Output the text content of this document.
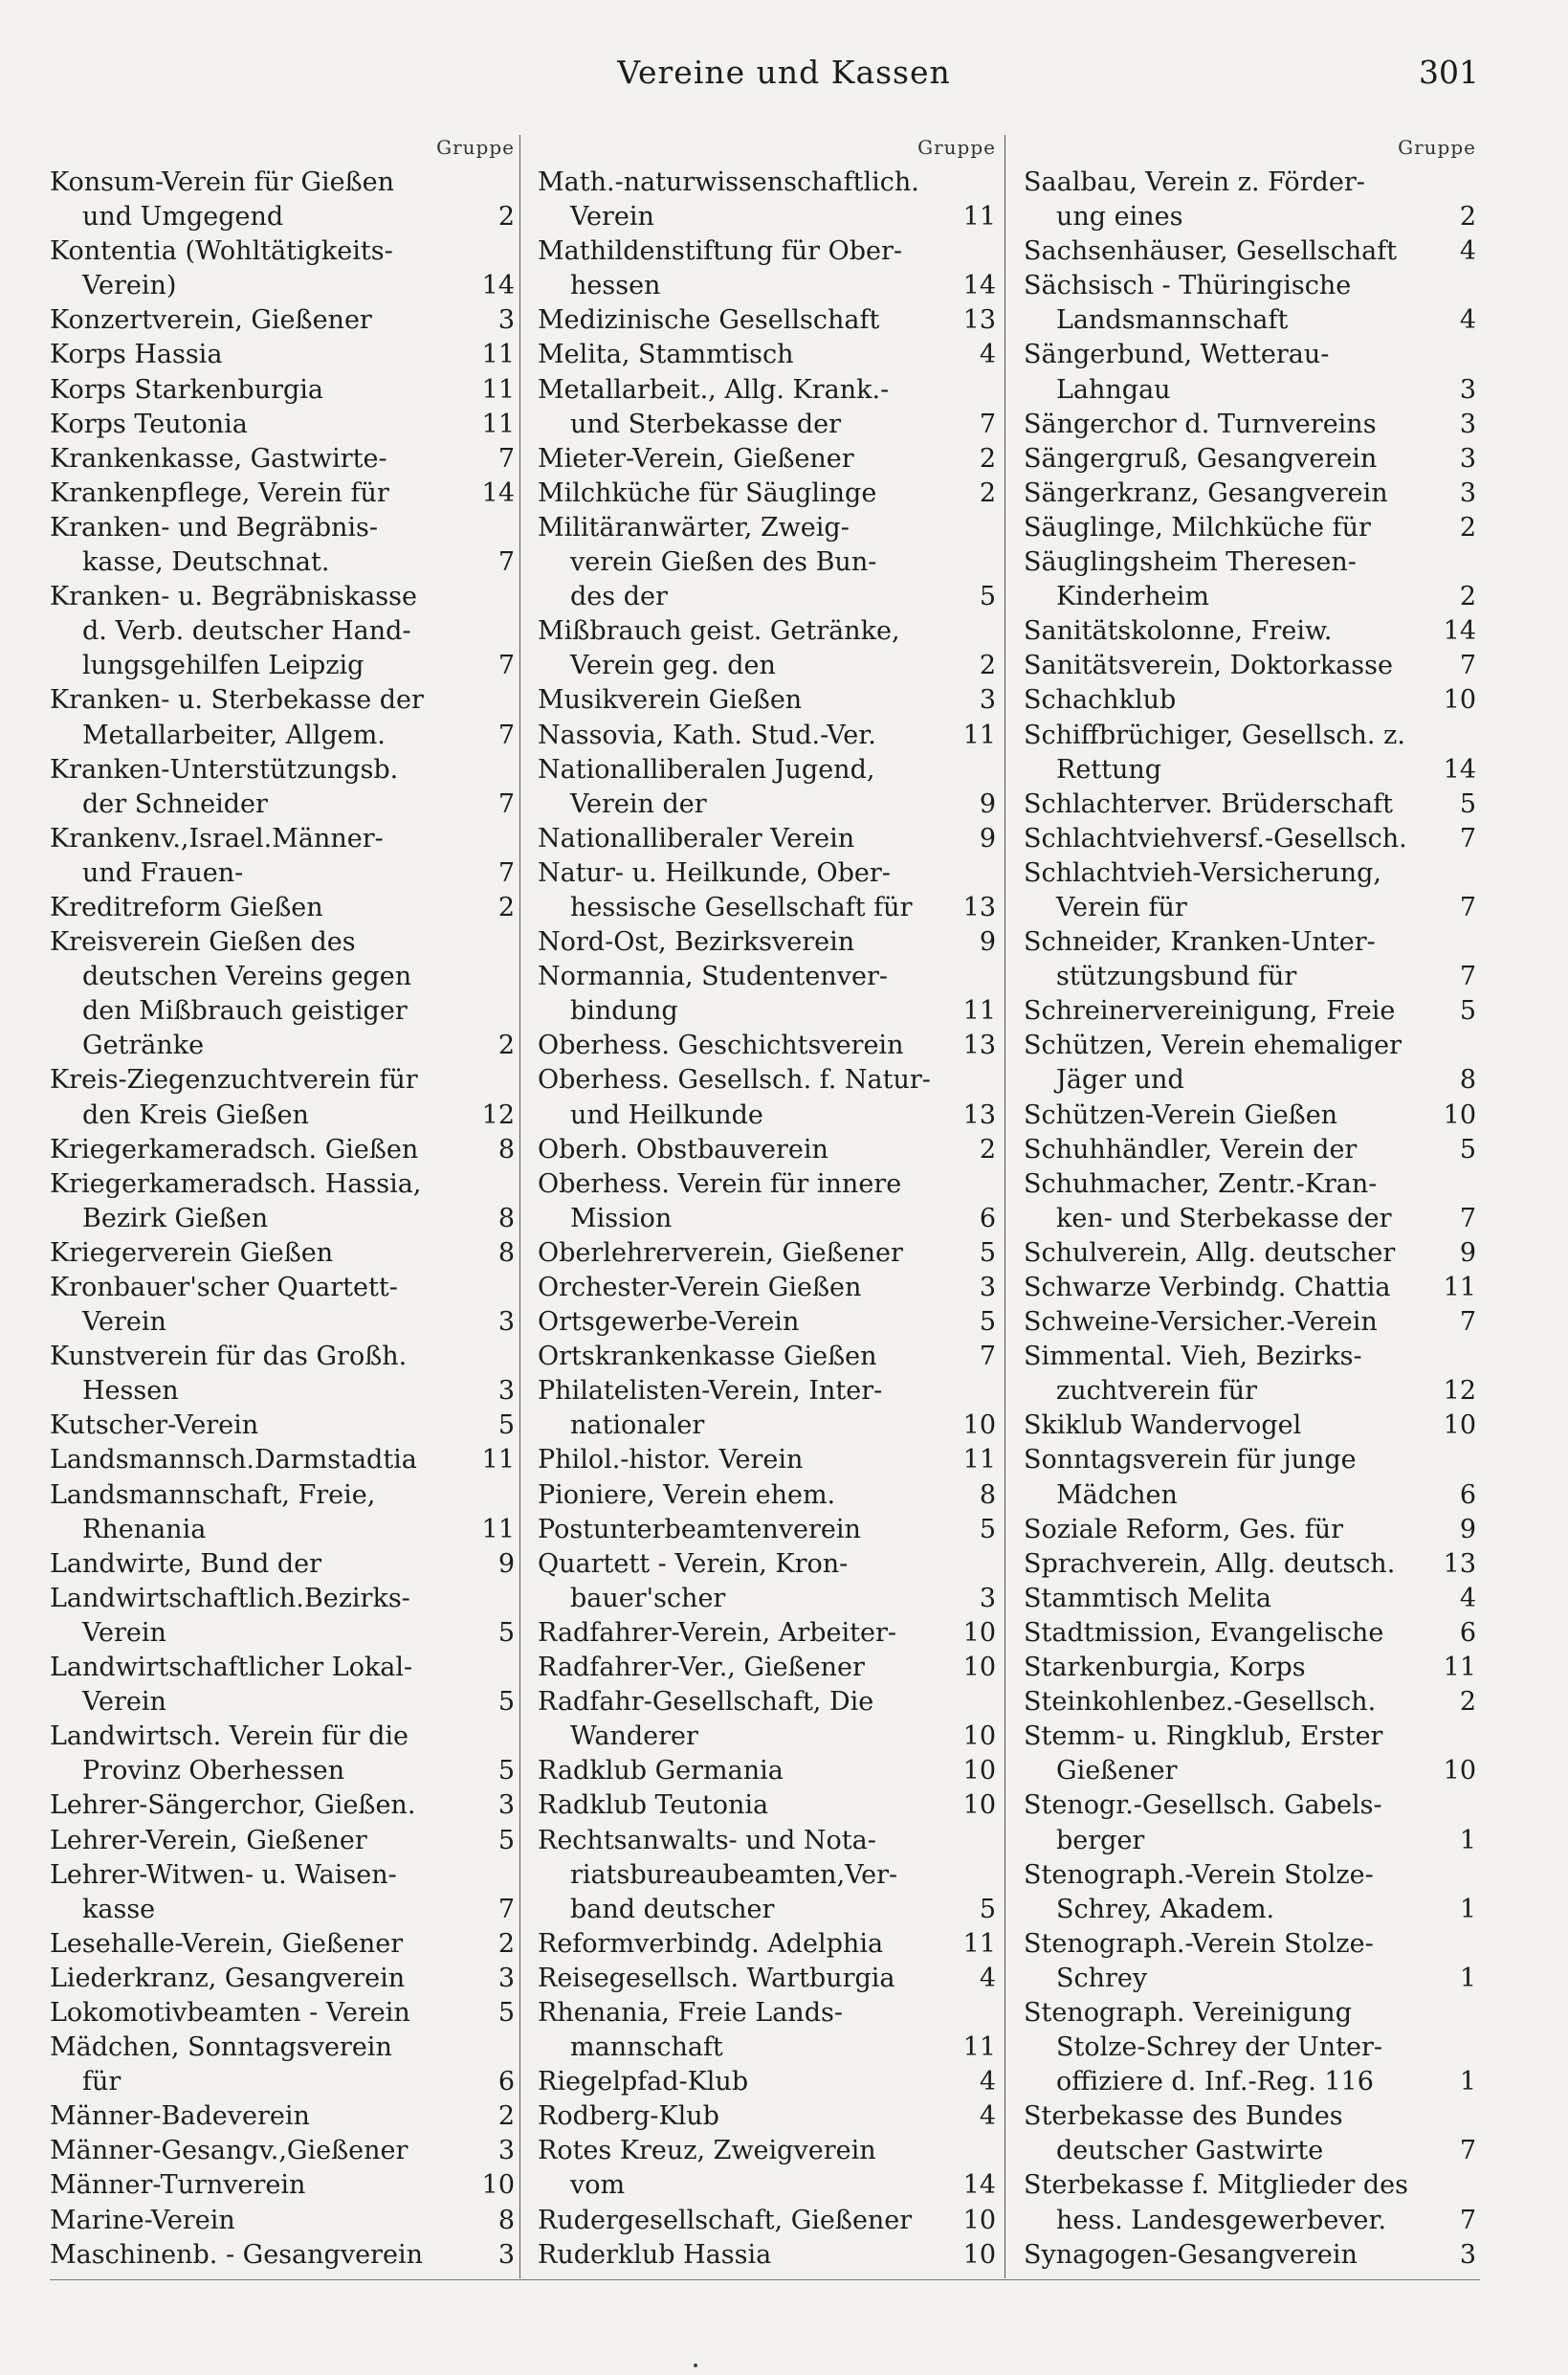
Vereine und Kassen	301
Gruppe
Konsum-Verein für Gießen
und Umgegend	2
Kontentia (Wohltätigkeits-
Verein)	14
Konzertverein, Gießener	3
Korps Hassia	11
Korps Starkenburgia	11
Korps Teutonia	11
Krankenkasse, Gastwirte-	7
Krankenpflege, Verein für	14
Kranken- und Begräbnis-
kasse, Deutschnat.	7
Kranken- u. Begräbniskasse
d. Verb. deutscher Hand-
lungsgehilfen Leipzig	7
Kranken- u. Sterbekasse der
Metallarbeiter, Allgem.	7
Kranken-Unterstützungsb.
der Schneider	7
Krankenv.,Israel.Männer-
und Frauen-	7
Kreditreform Gießen	2
Kreisverein Gießen des
deutschen Vereins gegen
den Mißbrauch geistiger
Getränke	2
Kreis-Ziegenzuchtverein für
den Kreis Gießen	12
Kriegerkameradsch. Gießen	8
Kriegerkameradsch. Hassia,
Bezirk Gießen	8
Kriegerverein Gießen	8
Kronbauer'scher Quartett-
Verein	3
Kunstverein für das Großh.
Hessen	3
Kutscher-Verein	5
Landsmannsch.Darmstadtia	11
Landsmannschaft, Freie,
Rhenania	11
Landwirte, Bund der	9
Landwirtschaftlich.Bezirks-
Verein	5
Landwirtschaftlicher Lokal-
Verein	5
Landwirtsch. Verein für die
Provinz Oberhessen	5
Lehrer-Sängerchor, Gießen.	3
Lehrer-Verein, Gießener	5
Lehrer-Witwen- u. Waisen-
kasse	7
Lesehalle-Verein, Gießener	2
Liederkranz, Gesangverein	3
Lokomotivbeamten - Verein	5
Mädchen, Sonntagsverein
für	6
Männer-Badeverein	2
Männer-Gesangv.,Gießener	3
Männer-Turnverein	10
Marine-Verein	8
Maschinenb. - Gesangverein	3
Gruppe
Math.-naturwissenschaftlich.
Verein	11
Mathildenstiftung für Ober-
hessen	14
Medizinische Gesellschaft	13
Melita, Stammtisch	4
Metallarbeit., Allg. Krank.-
und Sterbekasse der	7
Mieter-Verein, Gießener	2
Milchküche für Säuglinge	2
Militäranwärter, Zweig-
verein Gießen des Bun-
des der	5
Mißbrauch geist. Getränke,
Verein geg. den	2
Musikverein Gießen	3
Nassovia, Kath. Stud.-Ver.	11
Nationalliberalen Jugend,
Verein der	9
Nationalliberaler Verein	9
Natur- u. Heilkunde, Ober-
hessische Gesellschaft für	13
Nord-Ost, Bezirksverein	9
Normannia, Studentenver-
bindung	11
Oberhess. Geschichtsverein	13
Oberhess. Gesellsch. f. Natur-
und Heilkunde	13
Oberh. Obstbauverein	2
Oberhess. Verein für innere
Mission	6
Oberlehrerverein, Gießener	5
Orchester-Verein Gießen	3
Ortsgewerbe-Verein	5
Ortskrankenkasse Gießen	7
Philatelisten-Verein, Inter-
nationaler	10
Philol.-histor. Verein	11
Pioniere, Verein ehem.	8
Postunterbeamtenverein	5
Quartett - Verein, Kron-
bauer'scher	3
Radfahrer-Verein, Arbeiter-	10
Radfahrer-Ver., Gießener	10
Radfahr-Gesellschaft, Die
Wanderer	10
Radklub Germania	10
Radklub Teutonia	10
Rechtsanwalts- und Nota-
riatsbureaubeamten,Ver-
band deutscher	5
Reformverbindg. Adelphia	11
Reisegesellsch. Wartburgia	4
Rhenania, Freie Lands-
mannschaft	11
Riegelpfad-Klub	4
Rodberg-Klub	4
Rotes Kreuz, Zweigverein
vom	14
Rudergesellschaft, Gießener	10
Ruderklub Hassia	10
Gruppe
Saalbau, Verein z. Förder-
ung eines	2
Sachsenhäuser, Gesellschaft	4
Sächsisch - Thüringische
Landsmannschaft	4
Sängerbund, Wetterau-
Lahngau	3
Sängerchor d. Turnvereins	3
Sängergruß, Gesangverein	3
Sängerkranz, Gesangverein	3
Säuglinge, Milchküche für	2
Säuglingsheim Theresen-
Kinderheim	2
Sanitätskolonne, Freiw.	14
Sanitätsverein, Doktorkasse	7
Schachklub	10
Schiffbrüchiger, Gesellsch. z.
Rettung	14
Schlachterver. Brüderschaft	5
Schlachtviehversf.-Gesellsch.	7
Schlachtvieh-Versicherung,
Verein für	7
Schneider, Kranken-Unter-
stützungsbund für	7
Schreinervereinigung, Freie	5
Schützen, Verein ehemaliger
Jäger und	8
Schützen-Verein Gießen	10
Schuhhändler, Verein der	5
Schuhmacher, Zentr.-Kran-
ken- und Sterbekasse der	7
Schulverein, Allg. deutscher	9
Schwarze Verbindg. Chattia	11
Schweine-Versicher.-Verein	7
Simmental. Vieh, Bezirks-
zuchtverein für	12
Skiklub Wandervogel	10
Sonntagsverein für junge
Mädchen	6
Soziale Reform, Ges. für	9
Sprachverein, Allg. deutsch.	13
Stammtisch Melita	4
Stadtmission, Evangelische	6
Starkenburgia, Korps	11
Steinkohlenbez.-Gesellsch.	2
Stemm- u. Ringklub, Erster
Gießener	10
Stenogr.-Gesellsch. Gabels-
berger	1
Stenograph.-Verein Stolze-
Schrey, Akadem.	1
Stenograph.-Verein Stolze-
Schrey	1
Stenograph. Vereinigung
Stolze-Schrey der Unter-
offiziere d. Inf.-Reg. 116	1
Sterbekasse des Bundes
deutscher Gastwirte	7
Sterbekasse f. Mitglieder des
hess. Landesgewerbever.	7
Synagogen-Gesangverein	3
